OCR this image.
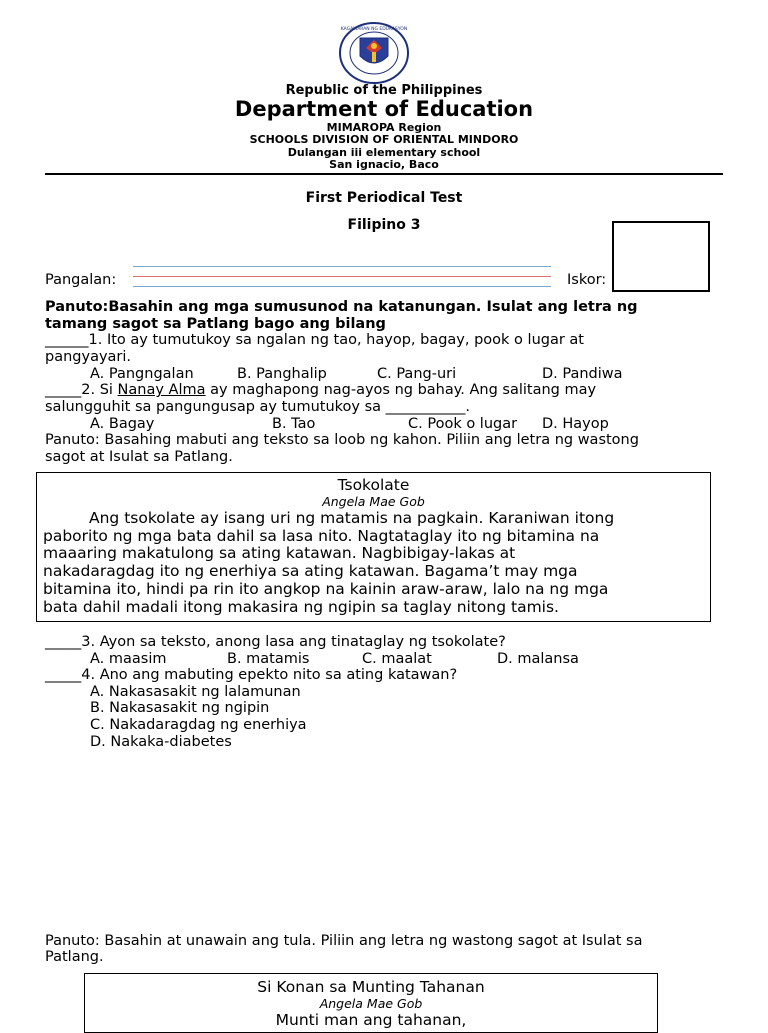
KAGAWARAN NG EDUKASYON
Republic of the Philippines
Department of Education
MIMAROPA Region
SCHOOLS DIVISION OF ORIENTAL MINDORO
Dulangan iii elementary school
San ignacio, Baco
First Periodical Test
Filipino 3
Pangalan:	Iskor:
Panuto:Basahin ang mga sumusunod na katanungan. Isulat ang letra ng
tamang sagot sa Patlang bago ang bilang
______1. Ito ay tumutukoy sa ngalan ng tao, hayop, bagay, pook o lugar at
pangyayari.
A. Pangngalan	B. Panghalip	C. Pang-uri	D. Pandiwa
_____2. Si Nanay Alma ay maghapong nag-ayos ng bahay. Ang salitang may
salungguhit sa pangungusap ay tumutukoy sa ___________.
A. Bagay	B. Tao	C. Pook o lugar D. Hayop
Panuto: Basahing mabuti ang teksto sa loob ng kahon. Piliin ang letra ng wastong
sagot at Isulat sa Patlang.
Tsokolate
Angela Mae Gob
Ang tsokolate ay isang uri ng matamis na pagkain. Karaniwan itong
paborito ng mga bata dahil sa lasa nito. Nagtataglay ito ng bitamina na
maaaring makatulong sa ating katawan. Nagbibigay-lakas at
nakadaragdag ito ng enerhiya sa ating katawan. Bagama’t may mga
bitamina ito, hindi pa rin ito angkop na kainin araw-araw, lalo na ng mga
bata dahil madali itong makasira ng ngipin sa taglay nitong tamis.
_____3. Ayon sa teksto, anong lasa ang tinataglay ng tsokolate?
A. maasim	B. matamis	C. maalat	D. malansa
_____4. Ano ang mabuting epekto nito sa ating katawan?
A. Nakasasakit ng lalamunan
B. Nakasasakit ng ngipin
C. Nakadaragdag ng enerhiya
D. Nakaka-diabetes
Panuto: Basahin at unawain ang tula. Piliin ang letra ng wastong sagot at Isulat sa
Patlang.
Si Konan sa Munting Tahanan
Angela Mae Gob
Munti man ang tahanan,
